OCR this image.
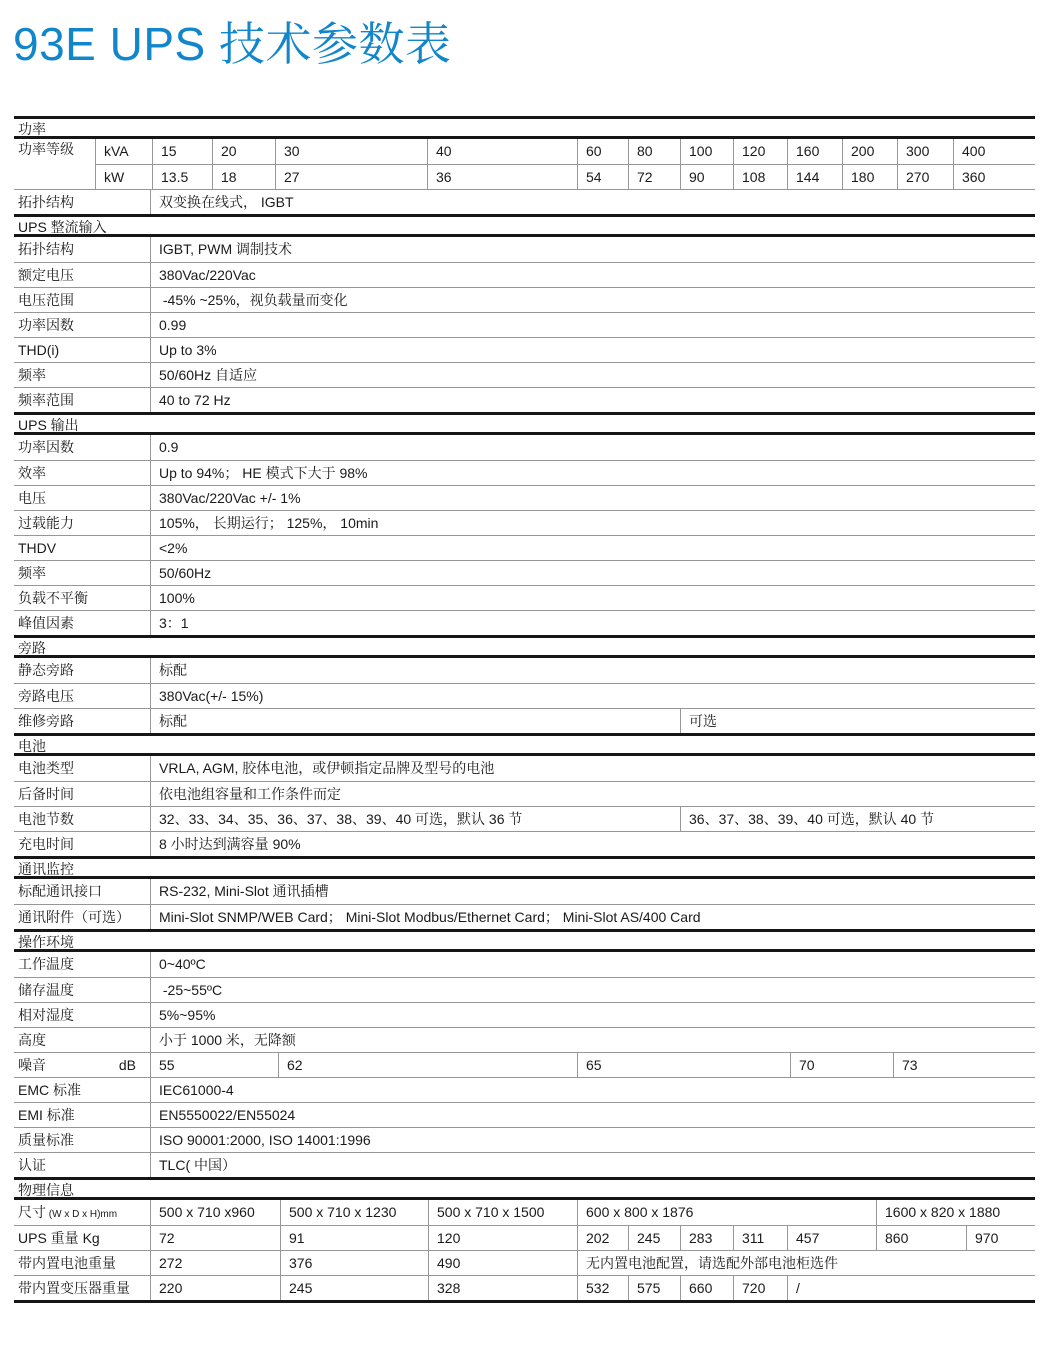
93E UPS 技术参数表
功率
功率等级	kVA	15	20	30	40	60	80	100	120	160	200	300	400
kW	13.5	18	27	36	54	72	90	108	144	180	270	360
拓扑结构	双变换在线式， IGBT
UPS 整流输入
拓扑结构	IGBT, PWM 调制技术
额定电压	380Vac/220Vac
电压范围	-45% ~25%，视负载量而变化
功率因数	0.99
THD(i)	Up to 3%
频率	50/60Hz 自适应
频率范围	40 to 72 Hz
UPS 输出
功率因数	0.9
效率	Up to 94%； HE 模式下大于 98%
电压	380Vac/220Vac +/- 1%
过载能力	105%， 长期运行； 125%， 10min
THDV	<2%
频率	50/60Hz
负载不平衡	100%
峰值因素	3：1
旁路
静态旁路	标配
旁路电压	380Vac(+/- 15%)
维修旁路	标配	可选
电池
电池类型	VRLA, AGM, 胶体电池，或伊顿指定品牌及型号的电池
后备时间	依电池组容量和工作条件而定
电池节数	32、33、34、35、36、37、38、39、40 可选，默认 36 节	36、37、38、39、40 可选，默认 40 节
充电时间	8 小时达到满容量 90%
通讯监控
标配通讯接口	RS-232, Mini-Slot 通讯插槽
通讯附件（可选）	Mini-Slot SNMP/WEB Card； Mini-Slot Modbus/Ethernet Card； Mini-Slot AS/400 Card
操作环境
工作温度	0~40ºC
储存温度	-25~55ºC
相对湿度	5%~95%
高度	小于 1000 米，无降额
噪音	dB	55	62	65	70	73
EMC 标准	IEC61000-4
EMI 标准	EN5550022/EN55024
质量标准	ISO 90001:2000, ISO 14001:1996
认证	TLC( 中国）
物理信息
尺寸 (W x D x H)mm	500 x 710 x960	500 x 710 x 1230	500 x 710 x 1500	600 x 800 x 1876	1600 x 820 x 1880
UPS 重量 Kg	72	91	120	202	245	283	311	457	860	970
带内置电池重量	272	376	490	无内置电池配置，请选配外部电池柜选件
带内置变压器重量	220	245	328	532	575	660	720	/
